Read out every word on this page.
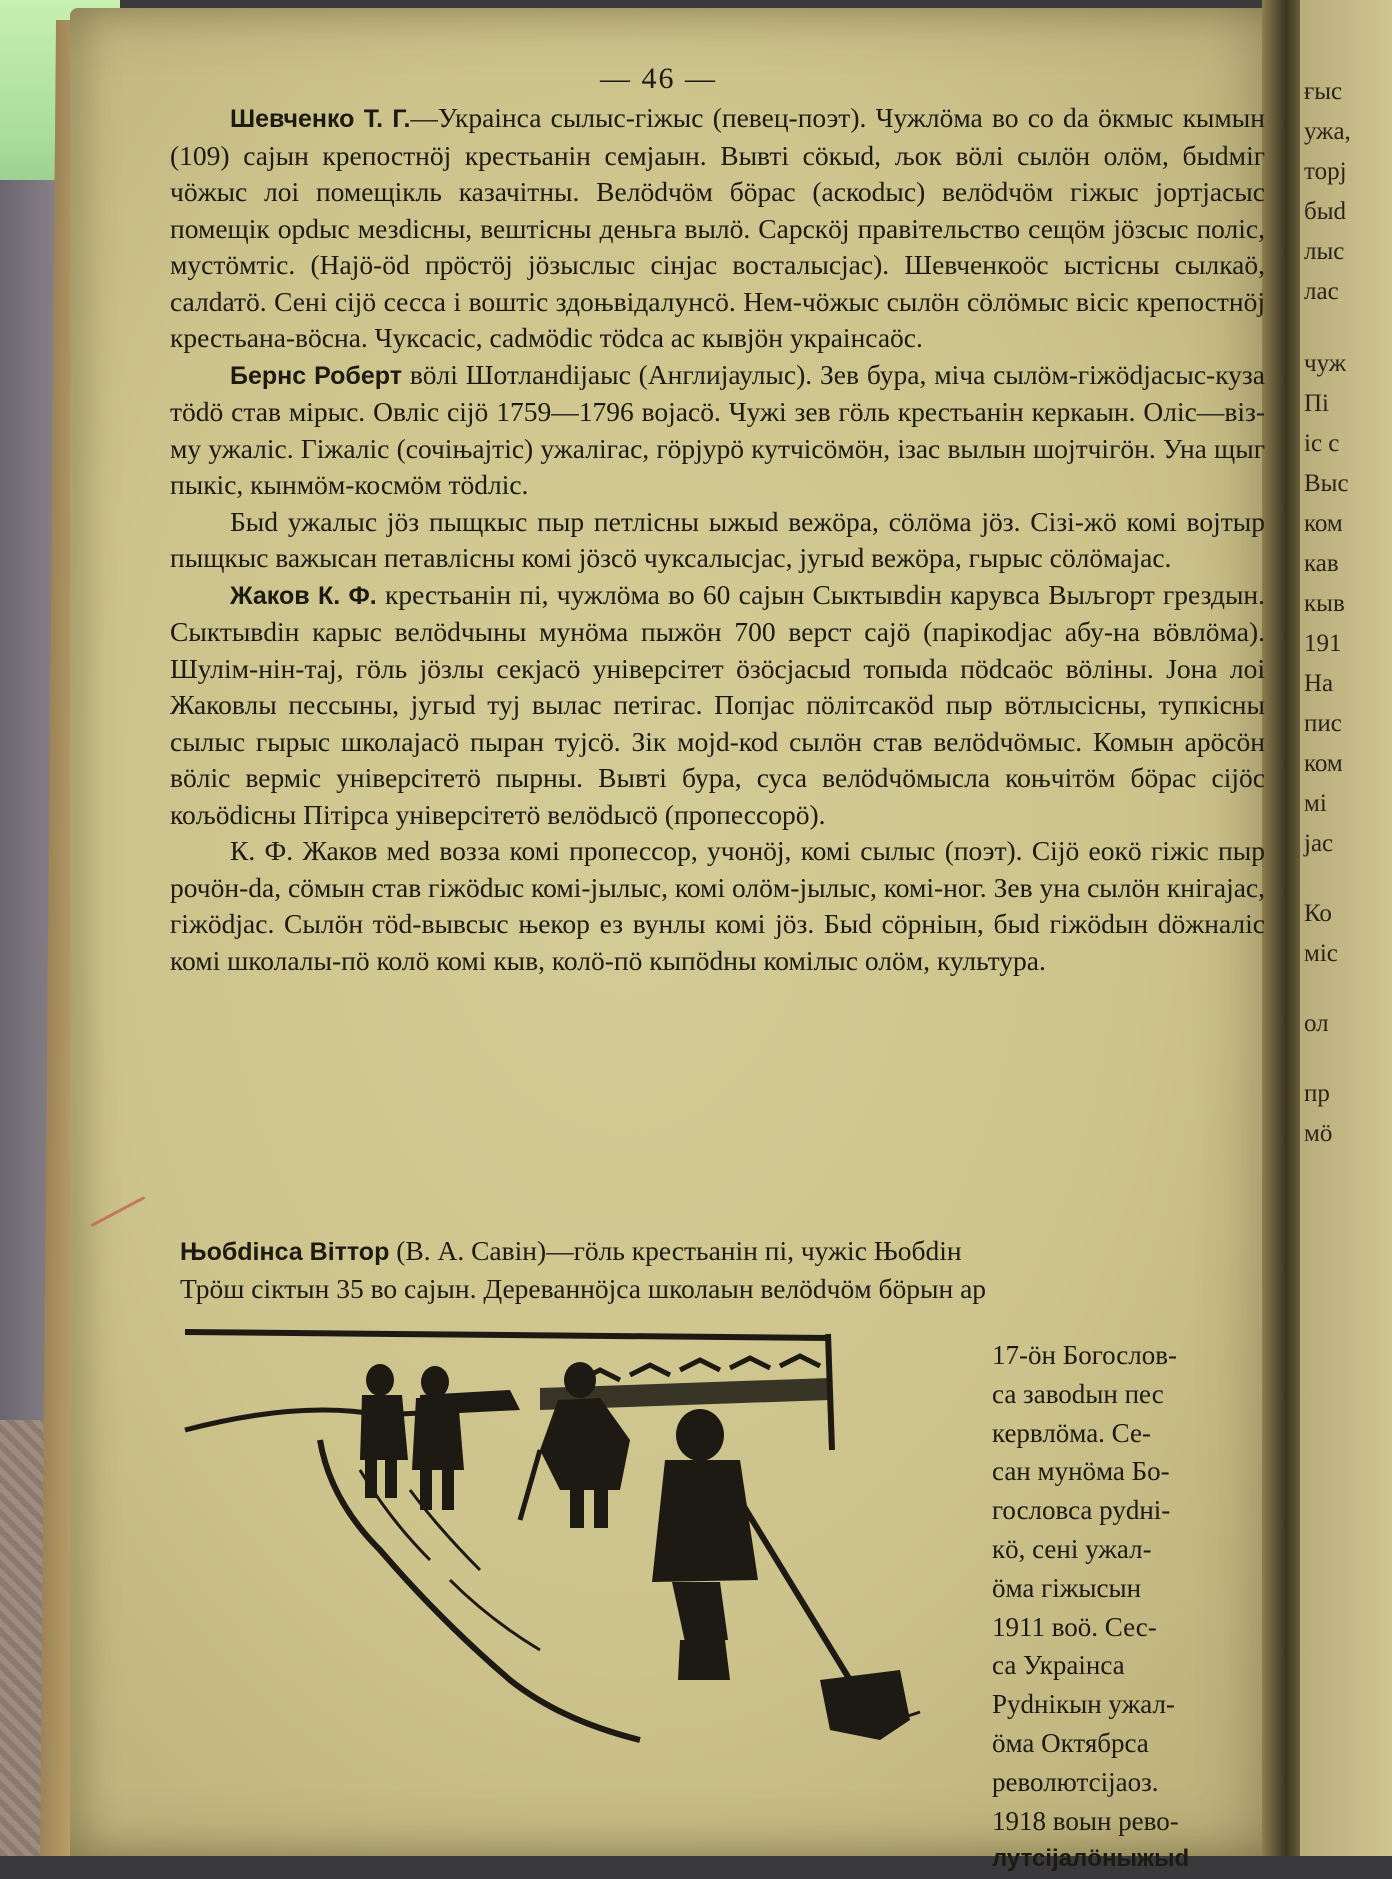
ғыс
ужа,
торј
быd
лыс
лас
чуж
Пі
іс с
Выс
ком
кав
кыв
191
На
пис
ком
мі
јас
Ко
міс
ол
пр
мӧ
— 46 —

Шевченко Т. Г.—Украінса сылыс-гіжыс (певец-поэт). Чужлӧма во со da ӧкмыс кымын (109) сајын крепостнӧј крестьанін семјаын. Вывті сӧкыd, љок вӧлі сылӧн олӧм, быdміг чӧжыс лоі помещікль казачітны. Велӧdчӧм бӧрас (аскоdыс) велӧdчӧм гіжыс јортјасыс помещік орdыс мезdісны, вештісны деньга вылӧ. Сарскӧј правітельство сещӧм јӧзсыс поліс, мустӧмтіс. (Hajӧ-ӧd прӧстӧј јӧзыслыс сінјас восталысјас). Шевченкоӧс ыстісны сылкаӧ, салdатӧ. Сені сіјӧ сесса і воштіс здоњвідалунсӧ. Нем-чӧжыс сылӧн сӧлӧмыс вісіс крепостнӧј крестьана-вӧсна. Чуксасіс, саdмӧdіс тӧdса ас кывјӧн украінсаӧс.

Бернс Роберт вӧлі Шотланdіјаыс (Англијаулыс). Зев бура, міча сылӧм-гіжӧdјасыс-куза тӧdӧ став мірыс. Овліс сіјӧ 1759—1796 војасӧ. Чужі зев гӧль крестьанін керкаын. Оліс—віз-му ужаліс. Гіжаліс (сочіњајтіс) ужалігас, гӧрјурӧ кутчісӧмӧн, ізас вылын шојтчігӧн. Уна щыг пыкіс, кынмӧм-космӧм тӧdліс.

Быd ужалыс јӧз пыщкыс пыр петлісны ыжыd вежӧра, сӧлӧма јӧз. Сізі-жӧ комі војтыр пыщкыс важысан петавлісны комі јӧзсӧ чуксалысјас, југыd вежӧра, гырыс сӧлӧмајас.

Жаков К. Ф. крестьанін пі, чужлӧма во 60 сајын Сыктывdін карувса Выљгорт грездын. Сыктывdін карыс велӧdчыны мунӧма пыжӧн 700 верст сајӧ (парікоdјас абу-на вӧвлӧма). Шулім-нін-тај, гӧль јӧзлы секјасӧ універсітет ӧзӧсјасыd топыdа пӧdсаӧс вӧліны. Јона лоі Жаковлы пессыны, југыd туј вылас петігас. Попјас пӧлітсакӧd пыр вӧтлысісны, тупкісны сылыс гырыс школајасӧ пыран тујсӧ. Зік моjd-коd сылӧн став велӧdчӧмыс. Комын арӧсӧн вӧліс верміс універсітетӧ пырны. Вывті бура, суса велӧdчӧмысла коњчітӧм бӧрас сіјӧс кољӧdісны Пітірса універсітетӧ велӧdысӧ (пропессорӧ).

К. Ф. Жаков меd возза комі пропессор, учонӧј, комі сылыс (поэт). Сіјӧ еокӧ гіжіс пыр рочӧн-da, сӧмын став гіжӧdыс комі-јылыс, комі олӧм-јылыс, комі-ног. Зев уна сылӧн кнігајас, гіжӧdјас. Сылӧн тӧd-вывсыс њекор ез вунлы комі јӧз. Быd сӧрніын, быd гіжӧdын dӧжналіс комі школалы-пӧ колӧ комі кыв, колӧ-пӧ кыпӧdны комілыс олӧм, культура.

Њобdінса Віттор (В. А. Савін)—гӧль крестьанін пі, чужіс Њобdін

Трӧш сіктын 35 во сајын. Дереваннӧјса школаын велӧdчӧм бӧрын ар

17-ӧн Богослов-
са завоdын пес
кервлӧма. Се-
сан мунӧма Бо-
гословса руdні-
кӧ, сені ужал-
ӧма гіжысын
1911 воӧ. Сес-
са Украінса
Руdнікын ужал-
ӧма Октябрса
револютсіјаоз.
1918 воын рево-
лутсіјалӧныжыd
